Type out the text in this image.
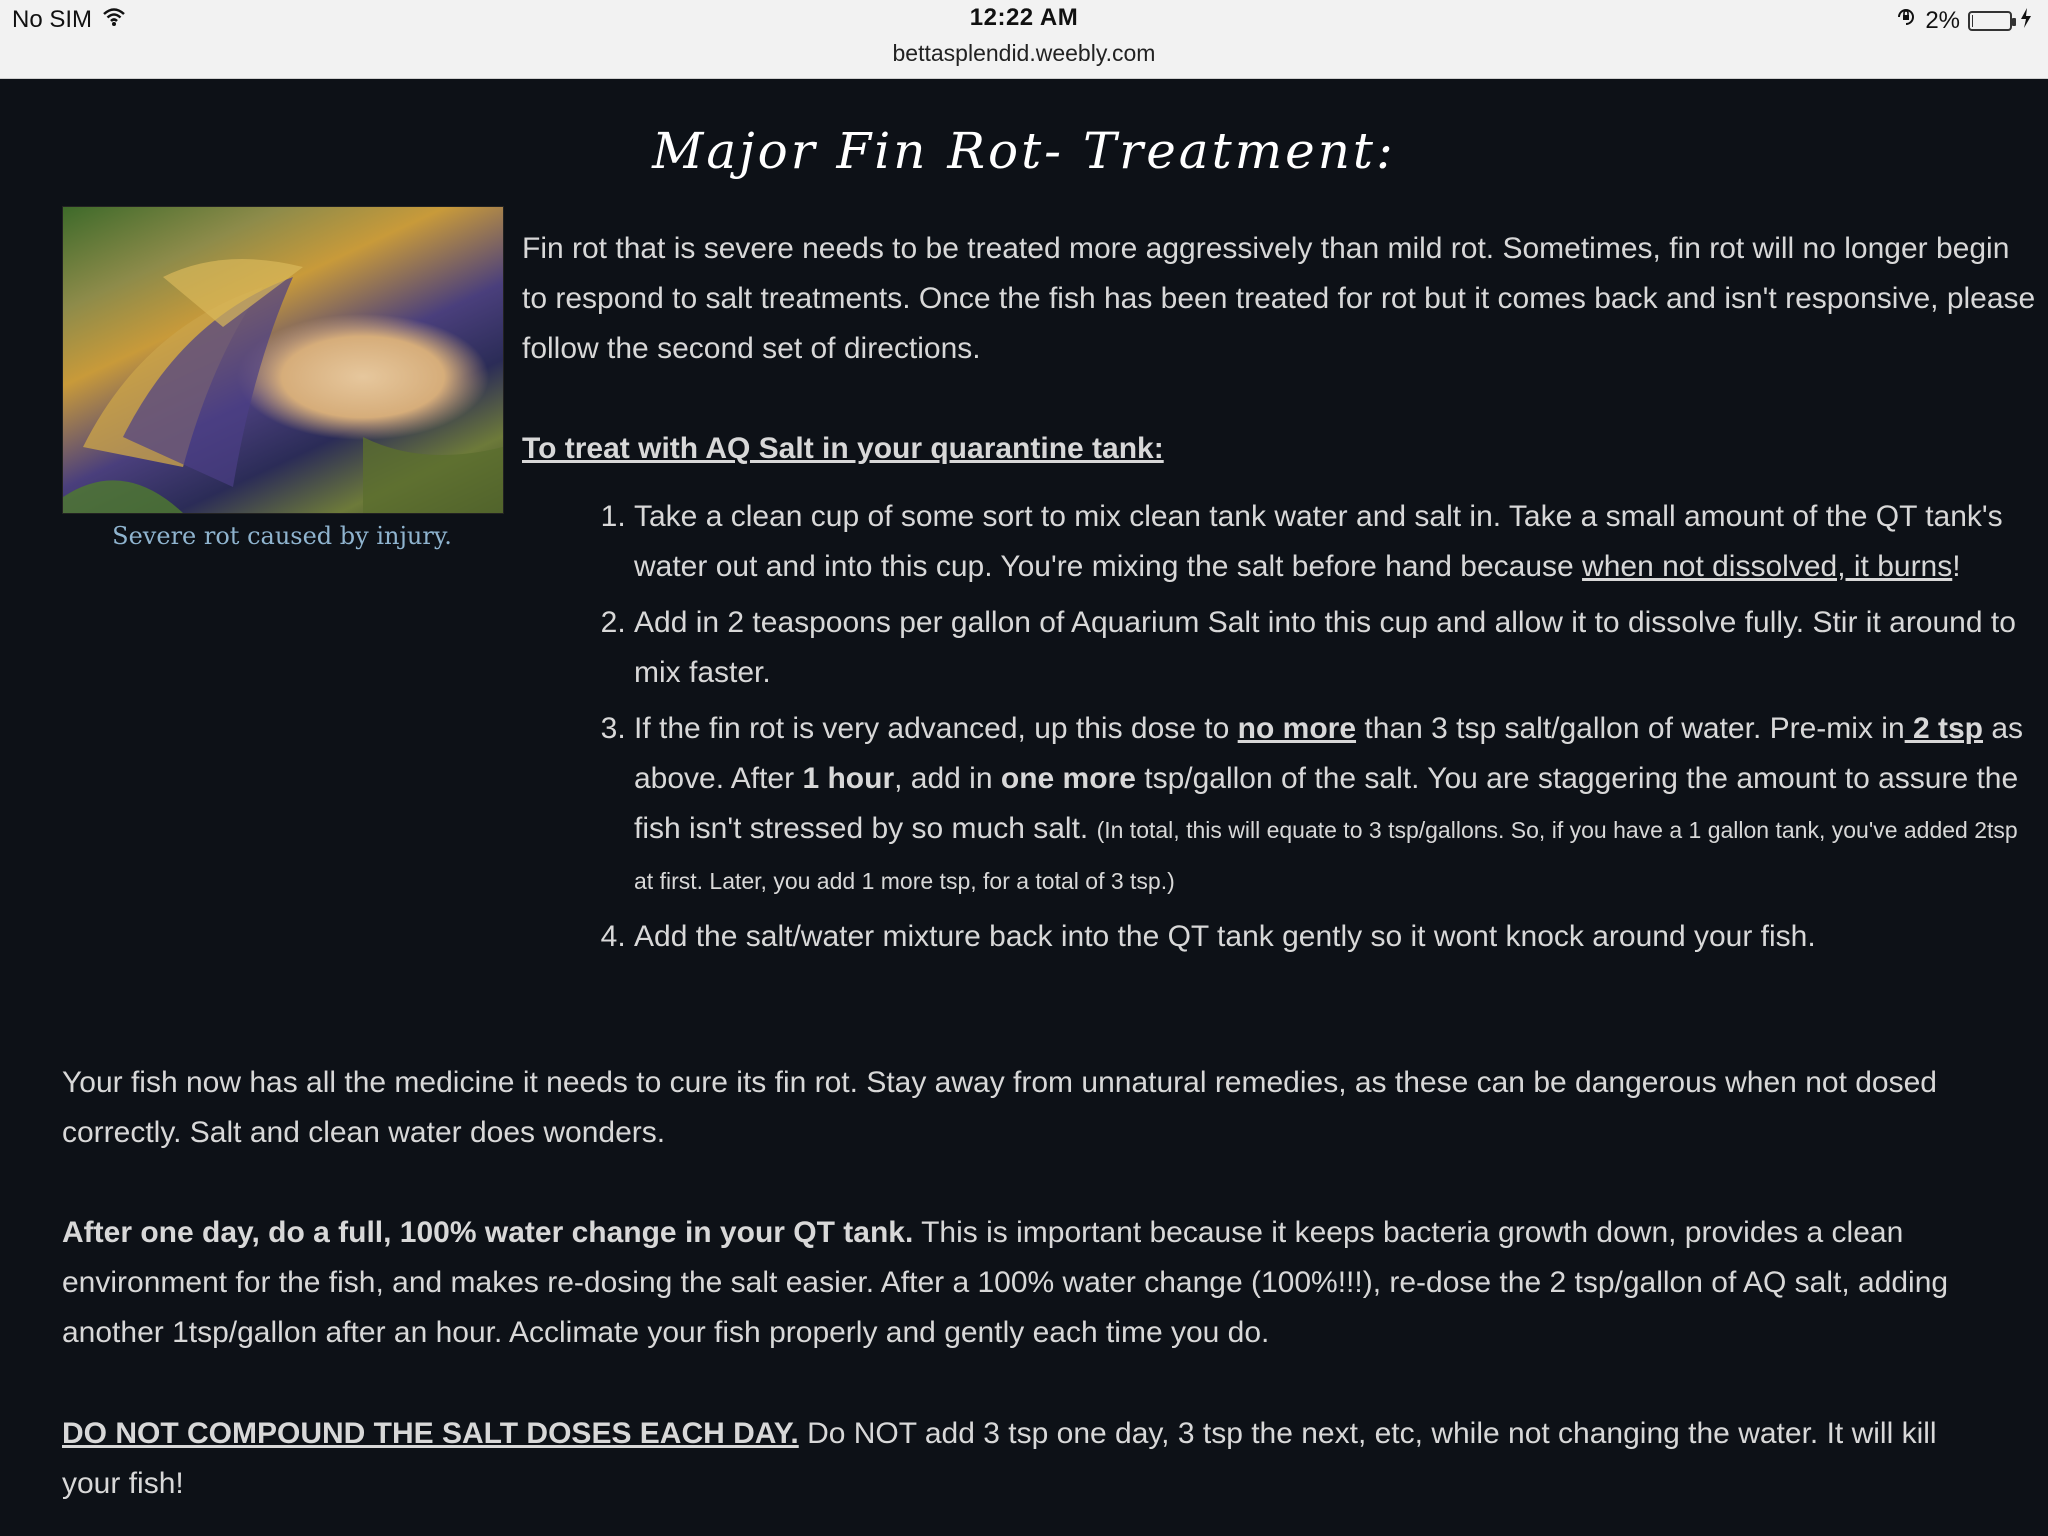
No SIM	12:22 AM
bettasplendid.weebly.com
2%
Major Fin Rot- Treatment:
Severe rot caused by injury.

Fin rot that is severe needs to be treated more aggressively than mild rot. Sometimes, fin rot will no longer begin to respond to salt treatments. Once the fish has been treated for rot but it comes back and isn't responsive, please follow the second set of directions.

To treat with AQ Salt in your quarantine tank:

1. Take a clean cup of some sort to mix clean tank water and salt in. Take a small amount of the QT tank's water out and into this cup. You're mixing the salt before hand because when not dissolved, it burns!
2. Add in 2 teaspoons per gallon of Aquarium Salt into this cup and allow it to dissolve fully. Stir it around to mix faster.
3. If the fin rot is very advanced, up this dose to no more than 3 tsp salt/gallon of water. Pre-mix in 2 tsp as above. After 1 hour, add in one more tsp/gallon of the salt. You are staggering the amount to assure the fish isn't stressed by so much salt. (In total, this will equate to 3 tsp/gallons. So, if you have a 1 gallon tank, you've added 2tsp at first. Later, you add 1 more tsp, for a total of 3 tsp.)
4. Add the salt/water mixture back into the QT tank gently so it wont knock around your fish.

Your fish now has all the medicine it needs to cure its fin rot. Stay away from unnatural remedies, as these can be dangerous when not dosed correctly. Salt and clean water does wonders.

After one day, do a full, 100% water change in your QT tank. This is important because it keeps bacteria growth down, provides a clean environment for the fish, and makes re-dosing the salt easier. After a 100% water change (100%!!!), re-dose the 2 tsp/gallon of AQ salt, adding another 1tsp/gallon after an hour. Acclimate your fish properly and gently each time you do.

DO NOT COMPOUND THE SALT DOSES EACH DAY. Do NOT add 3 tsp one day, 3 tsp the next, etc, while not changing the water. It will kill your fish!
